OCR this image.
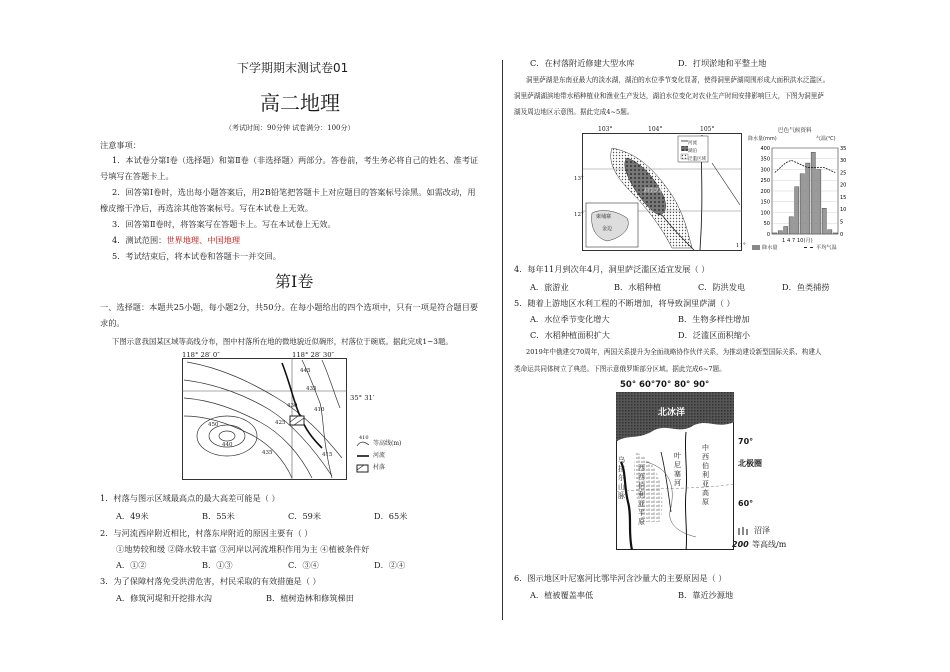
下学期期末测试卷01
高二地理
（考试时间：90分钟 试卷满分：100分）
注意事项：
1．本试卷分第Ⅰ卷（选择题）和第Ⅱ卷（非选择题）两部分。答卷前，考生务必将自己的姓名、准考证
号填写在答题卡上。
2．回答第Ⅰ卷时，选出每小题答案后，用2B铅笔把答题卡上对应题目的答案标号涂黑。如需改动，用
橡皮擦干净后，再选涂其他答案标号。写在本试卷上无效。
3．回答第Ⅱ卷时，将答案写在答题卡上。写在本试卷上无效。
4．测试范围：世界地理、中国地理
5．考试结束后，将本试卷和答题卡一并交回。
第Ⅰ卷
一、选择题：本题共25小题，每小题2分，共50分。在每小题给出的四个选项中，只有一项是符合题目要
求的。
下图示意我国某区域等高线分布，图中村落所在地的微地貌近似碗形，村落位于碗底。据此完成1~3题。
118° 28′ 0″	118° 28′ 30″
35° 31′
445
435
430
410
425
450
440
435	415
410
等高线(m)
河流
村落
1．村落与图示区域最高点的最大高差可能是（ ）
A．49米	B．55米	C．59米	D．65米
2．与河流西岸附近相比，村落东岸附近的原因主要有（ ）
①地势较和缓 ②降水较丰富 ③河岸以河流堆积作用为主 ④植被条件好
A．①②	B．①③	C．③④	D．②④
3．为了保障村落免受洪涝危害，村民采取的有效措施是（ ）
A．修筑河堤和开挖排水沟	B．植树造林和修筑梯田
C．在村落附近修建大型水库	D．打坝淤地和平整土地
洞里萨湖是东南亚最大的淡水湖，湖泊的水位季节变化显著，使得洞里萨湖周围形成大面积洪水泛滥区。
洞里萨湖湖滨地带水稻种植业和渔业生产发达，湖泊水位变化对农业生产时间安排影响巨大，下图为洞里萨
湖及周边地区示意图。据此完成4~5题。
103°	104°	105°
13°
12°
11°
河流
湖泊
泛滥区域
洞里萨湖
金边
柬埔寨
巴色气候资料
降水量(mm)	气温(℃)
400
350
300
250
200
150
100
50
0
35
30
25
20
15
10
5
0
1 4 7 10(月)
降水量	平均气温
4．每年11月到次年4月，洞里萨泛滥区适宜发展（ ）
A．旅游业	B．水稻种植	C．防洪发电	D．鱼类捕捞
5．随着上游地区水利工程的不断增加，将导致洞里萨湖（ ）
A．水位季节变化增大	B．生物多样性增加
C．水稻种植面积扩大	D．泛滥区面积缩小
2019年中俄建交70周年，两国关系提升为全面战略协作伙伴关系，为推动建设新型国际关系、构建人
类命运共同体树立了典范。下图示意俄罗斯部分区域。据此完成6~7题。
50° 60°70° 80° 90°
北冰洋
70°
北极圈
60°
乌拉尔山脉
西西伯利亚平原
中西伯利亚高原
叶尼塞河
沼泽
200 等高线/m
6．图示地区叶尼塞河比鄂毕河含沙量大的主要原因是（ ）
A．植被覆盖率低	B．靠近沙源地
